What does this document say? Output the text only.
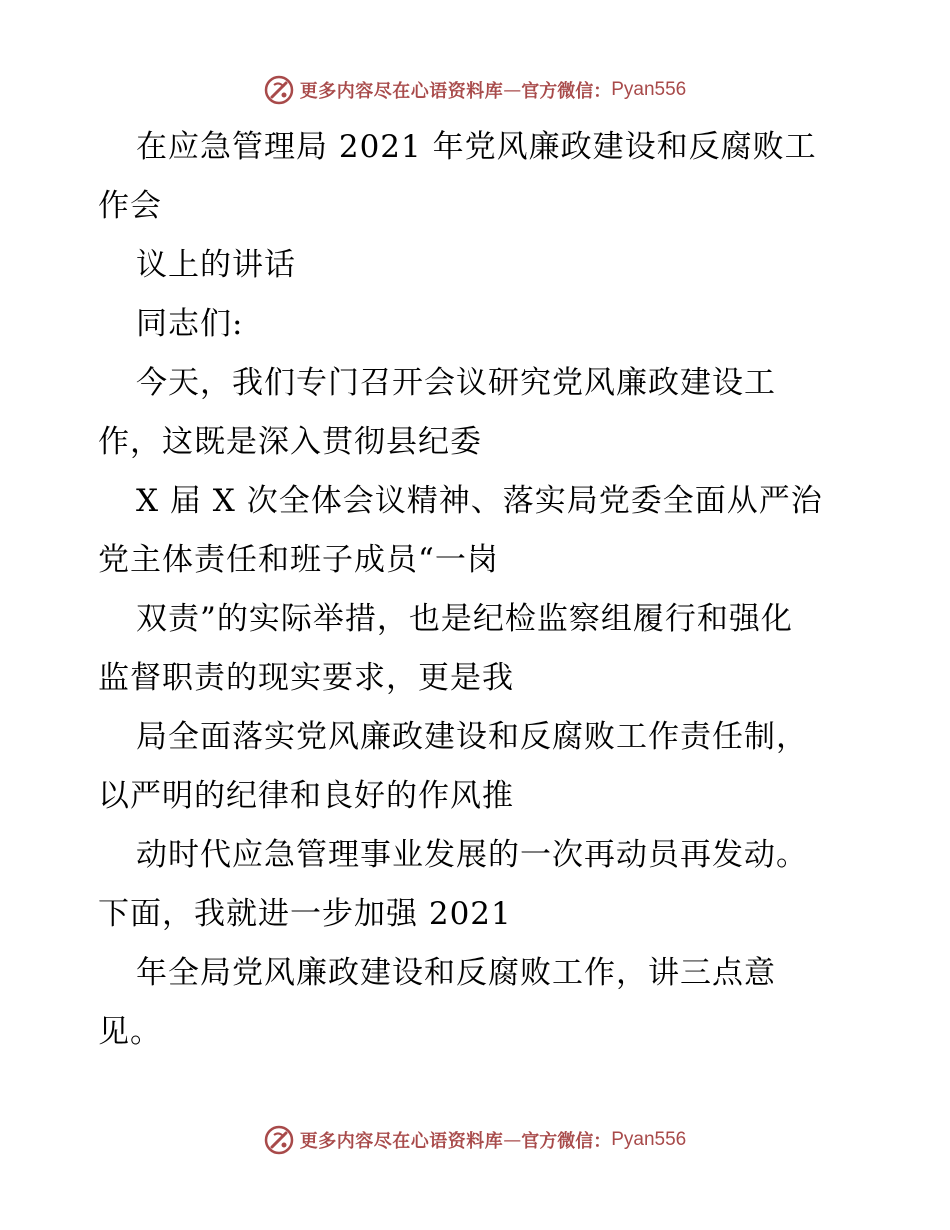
更多内容尽在心语资料库 — 官方微信： Pyan556

在应急管理局 2021 年党风廉政建设和反腐败工

作会

议上的讲话

同志们:

今天，我们专门召开会议研究党风廉政建设工

作，这既是深入贯彻县纪委

X 届 X 次全体会议精神、落实局党委全面从严治

党主体责任和班子成员“一岗

双责”的实际举措，也是纪检监察组履行和强化

监督职责的现实要求，更是我

局全面落实党风廉政建设和反腐败工作责任制，

以严明的纪律和良好的作风推

动时代应急管理事业发展的一次再动员再发动。

下面，我就进一步加强 2021

年全局党风廉政建设和反腐败工作，讲三点意

见。

更多内容尽在心语资料库 — 官方微信： Pyan556
